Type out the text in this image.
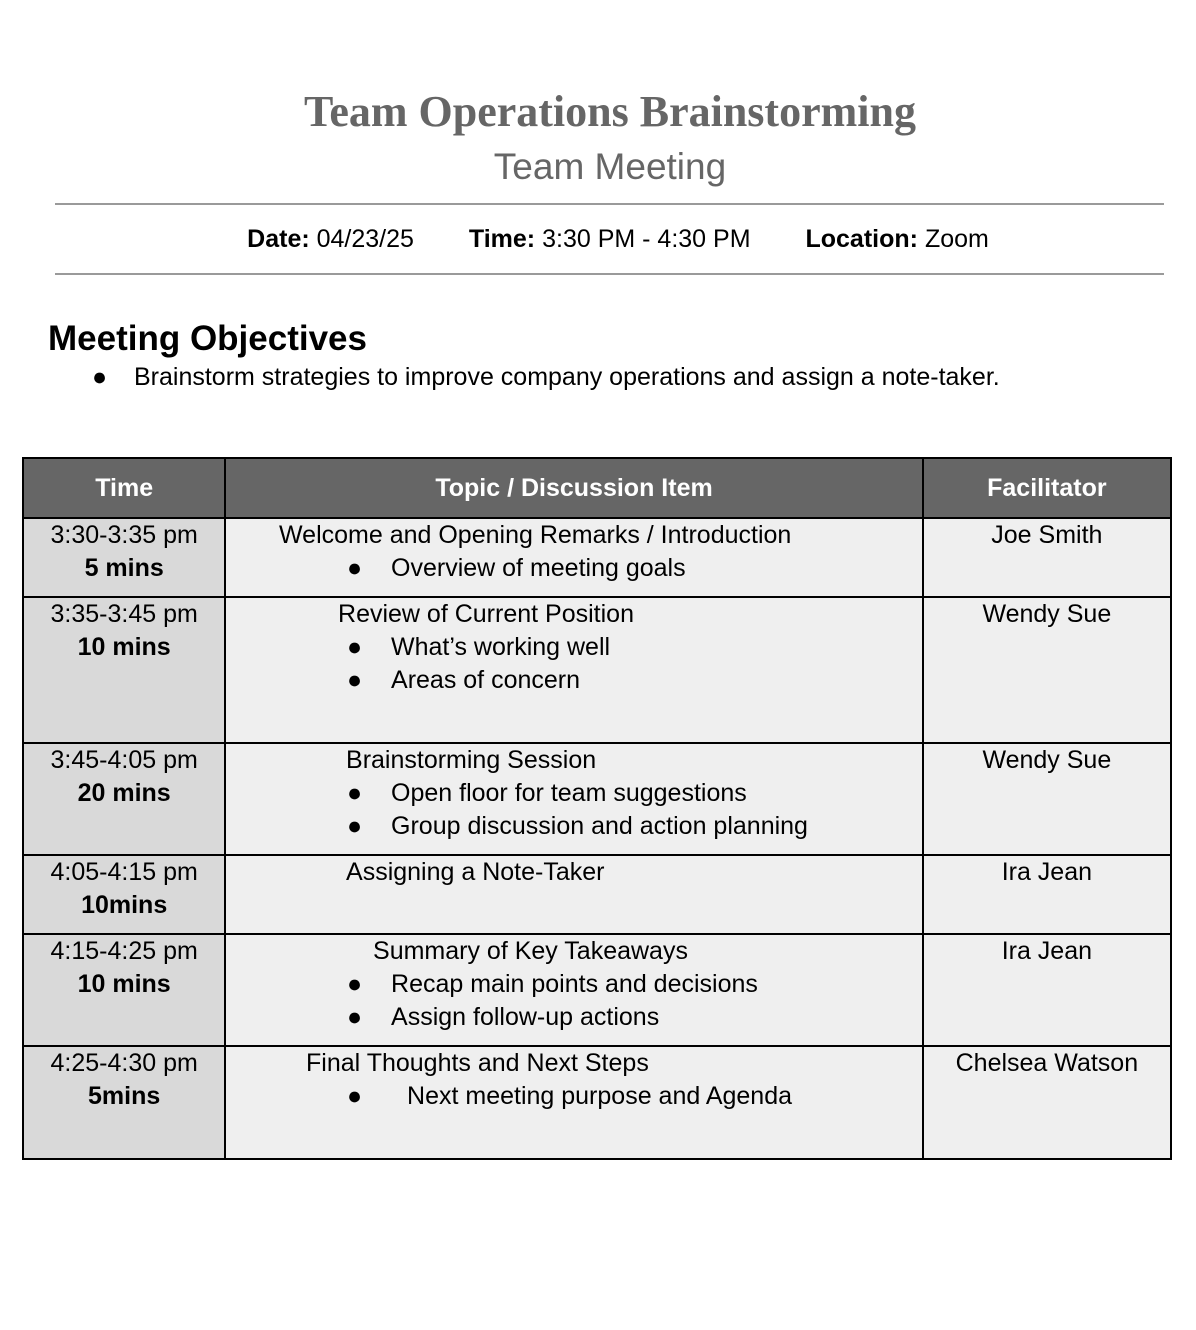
Team Operations Brainstorming
Team Meeting
Date: 04/23/25 Time: 3:30 PM - 4:30 PM Location: Zoom
Meeting Objectives
● Brainstorm strategies to improve company operations and assign a note-taker.
Time	Topic / Discussion Item	Facilitator

3:30-3:35 pm
5 mins	Welcome and Opening Remarks / Introduction
● Overview of meeting goals	Joe Smith

3:35-3:45 pm
10 mins	Review of Current Position
● What’s working well
● Areas of concern	Wendy Sue

3:45-4:05 pm
20 mins	Brainstorming Session
● Open floor for team suggestions
● Group discussion and action planning	Wendy Sue

4:05-4:15 pm
10mins	Assigning a Note-Taker	Ira Jean

4:15-4:25 pm
10 mins	Summary of Key Takeaways
● Recap main points and decisions
● Assign follow-up actions	Ira Jean

4:25-4:30 pm
5mins	Final Thoughts and Next Steps
● Next meeting purpose and Agenda	Chelsea Watson
